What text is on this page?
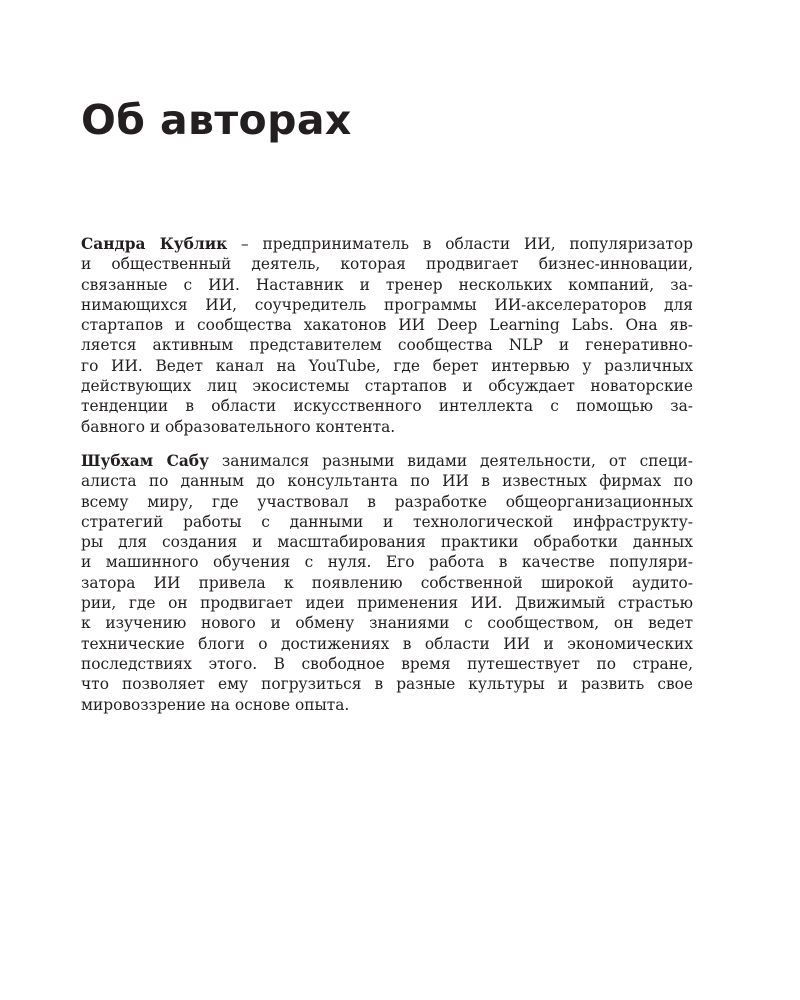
Об авторах

Сандра Кублик – предприниматель в области ИИ, популяризатор
и общественный деятель, которая продвигает бизнес-инновации,
связанные с ИИ. Наставник и тренер нескольких компаний, за-
нимающихся ИИ, соучредитель программы ИИ-акселераторов для
стартапов и сообщества хакатонов ИИ Deep Learning Labs. Она яв-
ляется активным представителем сообщества NLP и генеративно-
го ИИ. Ведет канал на YouTube, где берет интервью у различных
действующих лиц экосистемы стартапов и обсуждает новаторские
тенденции в области искусственного интеллекта с помощью за-
бавного и образовательного контента.

Шубхам Сабу занимался разными видами деятельности, от специ-
алиста по данным до консультанта по ИИ в известных фирмах по
всему миру, где участвовал в разработке общеорганизационных
стратегий работы с данными и технологической инфраструкту-
ры для создания и масштабирования практики обработки данных
и машинного обучения с нуля. Его работа в качестве популяри-
затора ИИ привела к появлению собственной широкой аудито-
рии, где он продвигает идеи применения ИИ. Движимый страстью
к изучению нового и обмену знаниями с сообществом, он ведет
технические блоги о достижениях в области ИИ и экономических
последствиях этого. В свободное время путешествует по стране,
что позволяет ему погрузиться в разные культуры и развить свое
мировоззрение на основе опыта.
